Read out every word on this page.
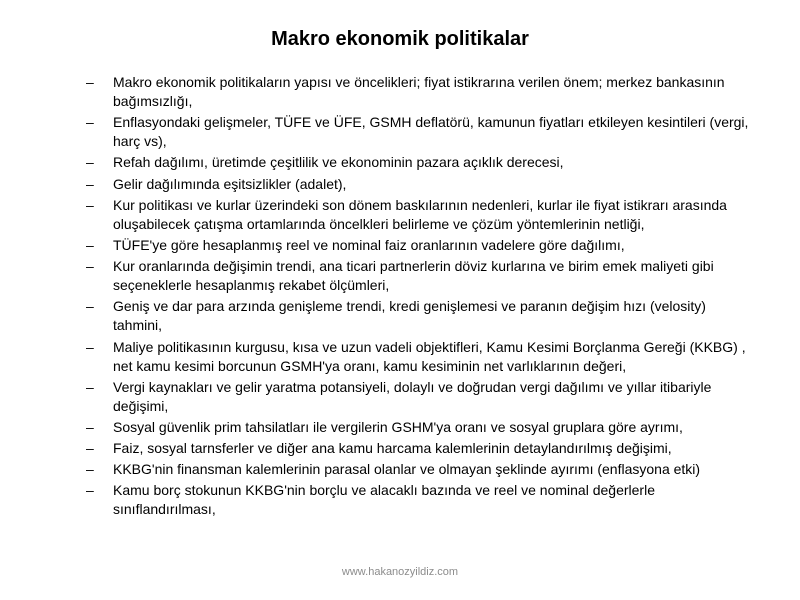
Makro ekonomik politikalar
–	Makro ekonomik politikaların yapısı ve öncelikleri; fiyat istikrarına verilen önem; merkez bankasının bağımsızlığı,
–	Enflasyondaki gelişmeler, TÜFE ve ÜFE, GSMH deflatörü, kamunun fiyatları etkileyen kesintileri (vergi, harç vs),
–	Refah dağılımı, üretimde çeşitlilik ve ekonominin pazara açıklık derecesi,
–	Gelir dağılımında eşitsizlikler (adalet),
–	Kur politikası ve kurlar üzerindeki son dönem baskılarının nedenleri, kurlar ile fiyat istikrarı arasında oluşabilecek çatışma ortamlarında öncelkleri belirleme ve çözüm yöntemlerinin netliği,
–	TÜFE'ye göre hesaplanmış reel ve nominal faiz oranlarının vadelere göre dağılımı,
–	Kur oranlarında değişimin trendi, ana ticari partnerlerin döviz kurlarına ve birim emek maliyeti gibi seçeneklerle hesaplanmış rekabet ölçümleri,
–	Geniş ve dar para arzında genişleme trendi, kredi genişlemesi ve paranın değişim hızı (velosity) tahmini,
–	Maliye politikasının kurgusu, kısa ve uzun vadeli objektifleri, Kamu Kesimi Borçlanma Gereği (KKBG) , net kamu kesimi borcunun GSMH'ya oranı, kamu kesiminin net varlıklarının değeri,
–	Vergi kaynakları ve gelir yaratma potansiyeli, dolaylı ve doğrudan vergi dağılımı ve yıllar itibariyle değişimi,
–	Sosyal güvenlik prim tahsilatları ile vergilerin GSHM'ya oranı ve sosyal gruplara göre ayrımı,
–	Faiz, sosyal tarnsferler ve diğer ana kamu harcama kalemlerinin detaylandırılmış değişimi,
–	KKBG'nin finansman kalemlerinin parasal olanlar ve olmayan şeklinde ayırımı (enflasyona etki)
–	Kamu borç stokunun KKBG'nin borçlu ve alacaklı bazında ve reel ve nominal değerlerle sınıflandırılması,
www.hakanozyildiz.com
